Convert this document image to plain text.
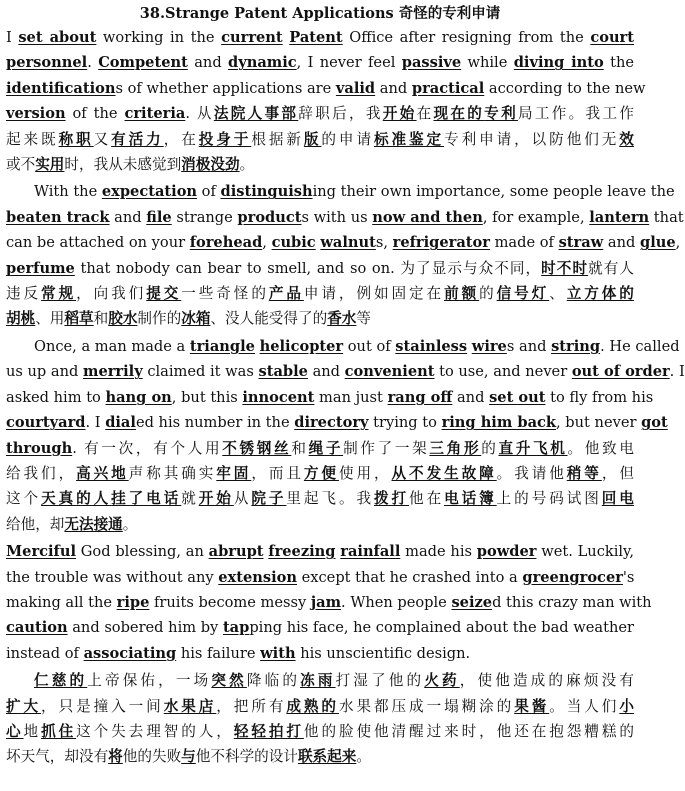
38.Strange Patent Applications 奇怪的专利申请
I set about working in the current Patent Office after resigning from the court
personnel. Competent and dynamic, I never feel passive while diving into the
identifications of whether applications are valid and practical according to the new
version of the criteria. 从法院人事部辞职后，我开始在现在的专利局工作。我工作
起来既称职又有活力，在投身于根据新版的申请标准鉴定专利申请，以防他们无效
或不实用时，我从未感觉到消极没劲。
With the expectation of distinguishing their own importance, some people leave the
beaten track and file strange products with us now and then, for example, lantern that
can be attached on your forehead, cubic walnuts, refrigerator made of straw and glue,
perfume that nobody can bear to smell, and so on. 为了显示与众不同，时不时就有人
违反常规，向我们提交一些奇怪的产品申请，例如固定在前额的信号灯、立方体的
胡桃、用稻草和胶水制作的冰箱、没人能受得了的香水等
Once, a man made a triangle helicopter out of stainless wires and string. He called
us up and merrily claimed it was stable and convenient to use, and never out of order. I
asked him to hang on, but this innocent man just rang off and set out to fly from his
courtyard. I dialed his number in the directory trying to ring him back, but never got
through. 有一次，有个人用不锈钢丝和绳子制作了一架三角形的直升飞机。他致电
给我们，高兴地声称其确实牢固，而且方便使用，从不发生故障。我请他稍等，但
这个天真的人挂了电话就开始从院子里起飞。我拨打他在电话簿上的号码试图回电
给他，却无法接通。
Merciful God blessing, an abrupt freezing rainfall made his powder wet. Luckily,
the trouble was without any extension except that he crashed into a greengrocer's
making all the ripe fruits become messy jam. When people seized this crazy man with
caution and sobered him by tapping his face, he complained about the bad weather
instead of associating his failure with his unscientific design.
仁慈的上帝保佑，一场突然降临的冻雨打湿了他的火药，使他造成的麻烦没有
扩大，只是撞入一间水果店，把所有成熟的水果都压成一塌糊涂的果酱。当人们小
心地抓住这个失去理智的人，轻轻拍打他的脸使他清醒过来时，他还在抱怨糟糕的
坏天气，却没有将他的失败与他不科学的设计联系起来。
